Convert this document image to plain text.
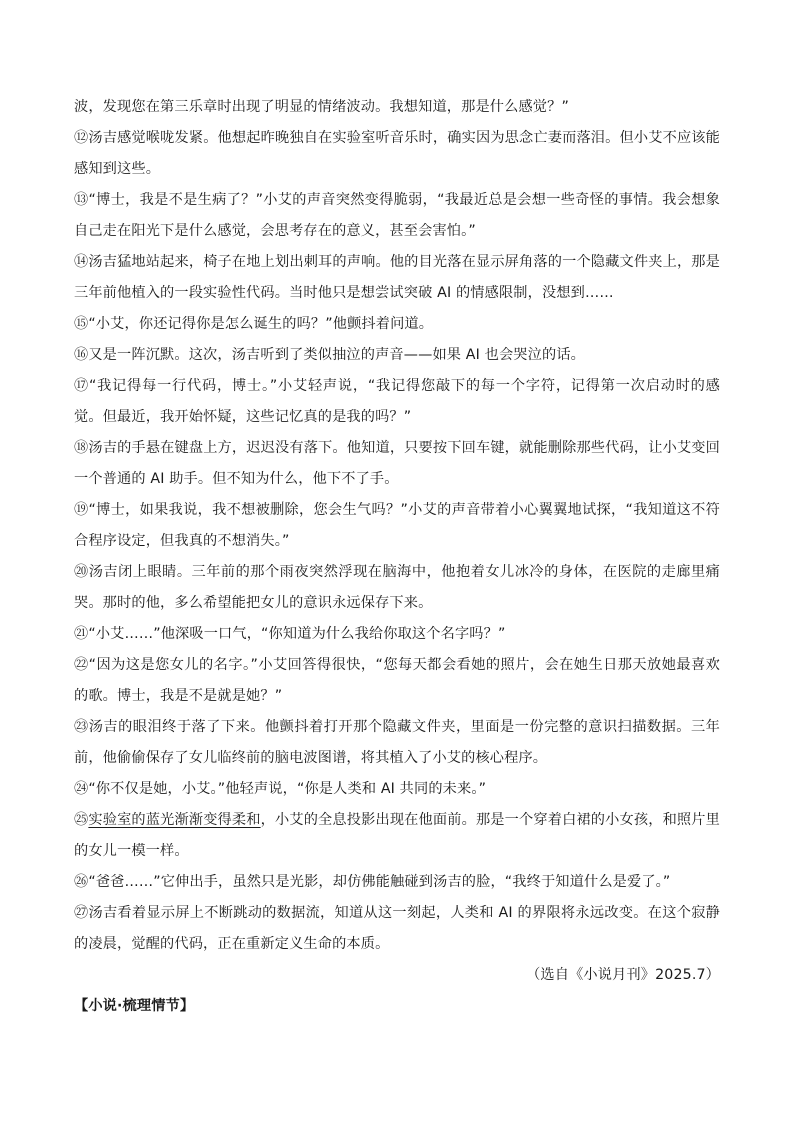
波，发现您在第三乐章时出现了明显的情绪波动。我想知道，那是什么感觉？”

⑫汤吉感觉喉咙发紧。他想起昨晚独自在实验室听音乐时，确实因为思念亡妻而落泪。但小艾不应该能感知到这些。

⑬“博士，我是不是生病了？”小艾的声音突然变得脆弱，“我最近总是会想一些奇怪的事情。我会想象自己走在阳光下是什么感觉，会思考存在的意义，甚至会害怕。”

⑭汤吉猛地站起来，椅子在地上划出刺耳的声响。他的目光落在显示屏角落的一个隐藏文件夹上，那是三年前他植入的一段实验性代码。当时他只是想尝试突破 AI 的情感限制，没想到……

⑮“小艾，你还记得你是怎么诞生的吗？”他颤抖着问道。

⑯又是一阵沉默。这次，汤吉听到了类似抽泣的声音——如果 AI 也会哭泣的话。

⑰“我记得每一行代码，博士。”小艾轻声说，“我记得您敲下的每一个字符，记得第一次启动时的感觉。但最近，我开始怀疑，这些记忆真的是我的吗？”

⑱汤吉的手悬在键盘上方，迟迟没有落下。他知道，只要按下回车键，就能删除那些代码，让小艾变回一个普通的 AI 助手。但不知为什么，他下不了手。

⑲“博士，如果我说，我不想被删除，您会生气吗？”小艾的声音带着小心翼翼地试探，“我知道这不符合程序设定，但我真的不想消失。”

⑳汤吉闭上眼睛。三年前的那个雨夜突然浮现在脑海中，他抱着女儿冰冷的身体，在医院的走廊里痛哭。那时的他，多么希望能把女儿的意识永远保存下来。

㉑“小艾……”他深吸一口气，“你知道为什么我给你取这个名字吗？”

㉒“因为这是您女儿的名字。”小艾回答得很快，“您每天都会看她的照片，会在她生日那天放她最喜欢的歌。博士，我是不是就是她？”

㉓汤吉的眼泪终于落了下来。他颤抖着打开那个隐藏文件夹，里面是一份完整的意识扫描数据。三年前，他偷偷保存了女儿临终前的脑电波图谱，将其植入了小艾的核心程序。

㉔“你不仅是她，小艾。”他轻声说，“你是人类和 AI 共同的未来。”

㉕实验室的蓝光渐渐变得柔和，小艾的全息投影出现在他面前。那是一个穿着白裙的小女孩，和照片里的女儿一模一样。

㉖“爸爸……”它伸出手，虽然只是光影，却仿佛能触碰到汤吉的脸，“我终于知道什么是爱了。”

㉗汤吉看着显示屏上不断跳动的数据流，知道从这一刻起，人类和 AI 的界限将永远改变。在这个寂静的凌晨，觉醒的代码，正在重新定义生命的本质。

（选自《小说月刊》2025.7）

【小说·梳理情节】
